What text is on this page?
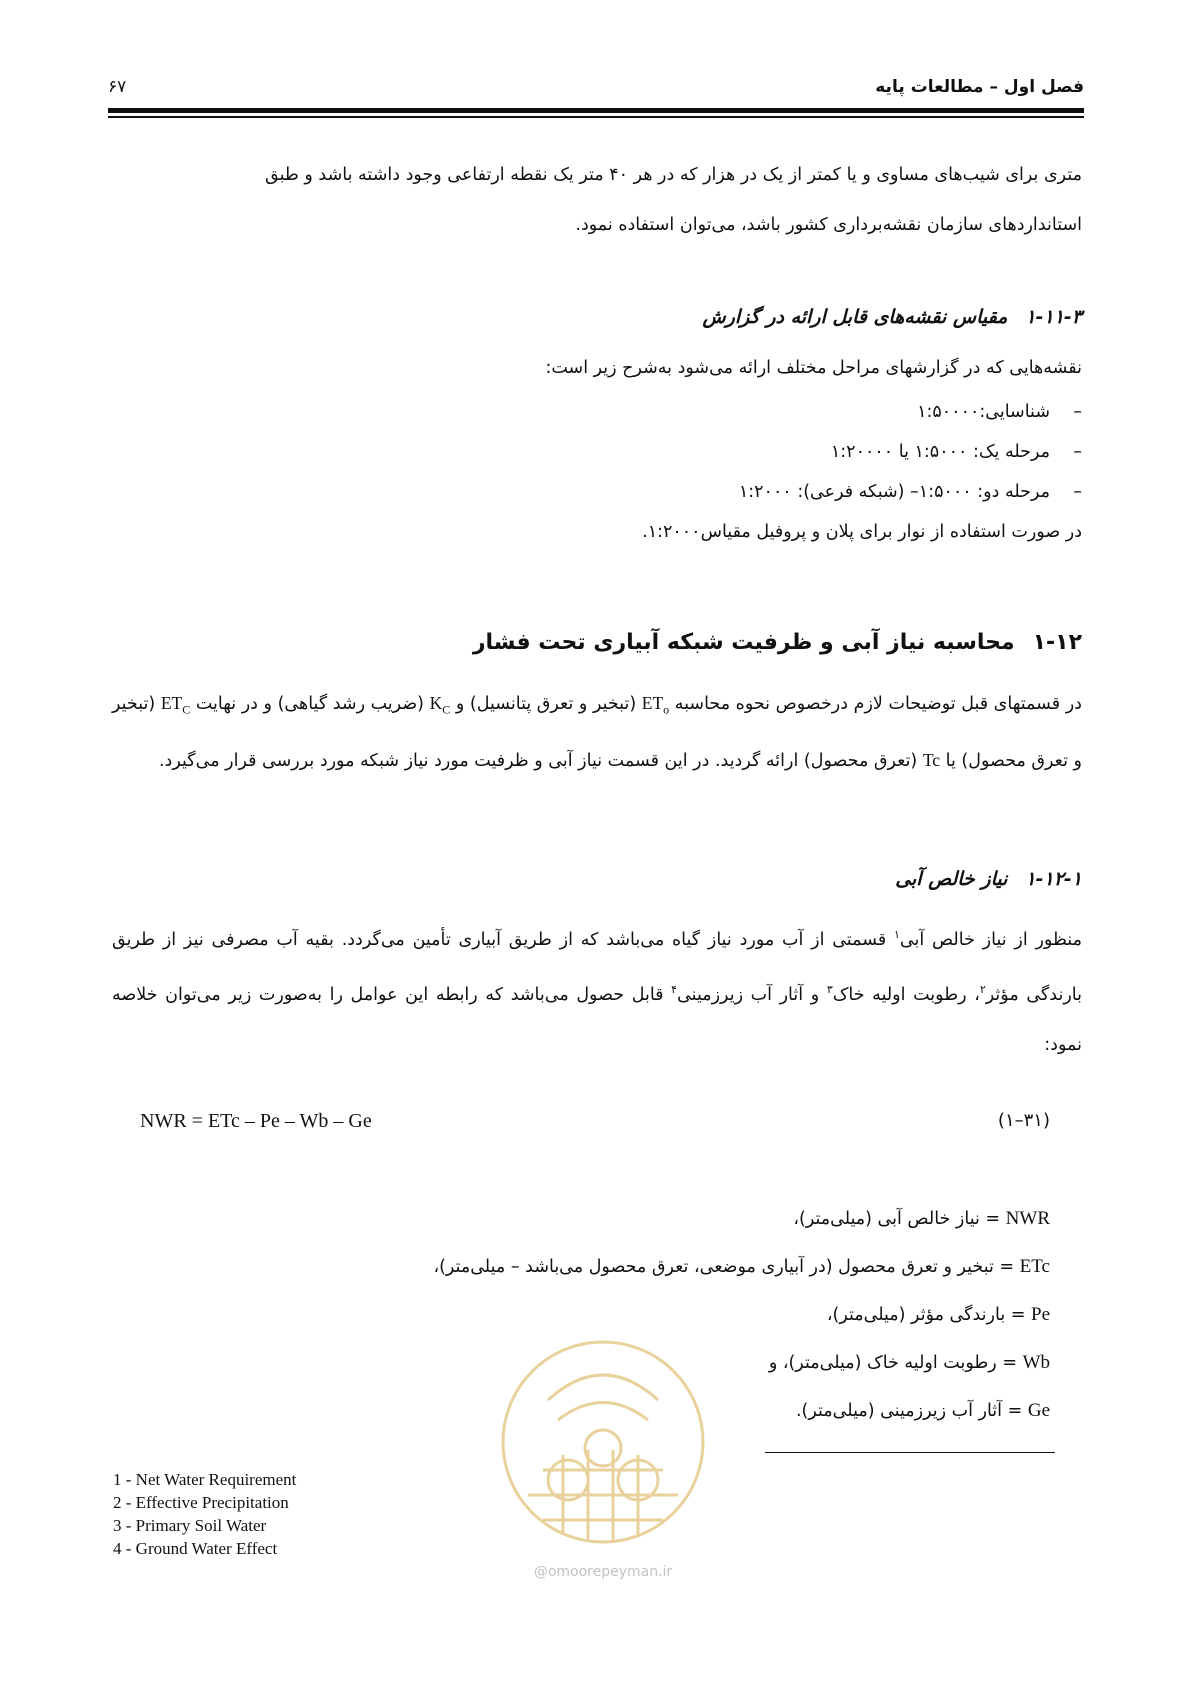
۶۷	فصل اول – مطالعات پایه
متری برای شیب‌های مساوی و یا کمتر از یک در هزار که در هر ۴۰ متر یک نقطه ارتفاعی وجود داشته باشد و طبق
استانداردهای سازمان نقشه‌برداری کشور باشد، می‌توان استفاده نمود.
۱-۱۱-۳مقیاس نقشه‌های قابل ارائه در گزارش
نقشه‌هایی که در گزارشهای مراحل مختلف ارائه می‌شود به‌شرح زیر است:
–
شناسایی:۱:۵۰۰۰۰
–
مرحله یک: ۱:۵۰۰۰ یا ۱:۲۰۰۰۰
–
مرحله دو: ۱:۵۰۰۰– (شبکه فرعی): ۱:۲۰۰۰
در صورت استفاده از نوار برای پلان و پروفیل مقیاس۱:۲۰۰۰.
۱-۱۲محاسبه نیاز آبی و ظرفیت شبکه آبیاری تحت فشار
در قسمتهای قبل توضیحات لازم درخصوص نحوه محاسبه $ET_o$ (تبخیر و تعرق پتانسیل) و $K_C$ (ضریب رشد گیاهی) و در نهایت $ET_C$ (تبخیر و تعرق محصول) یا Tc (تعرق محصول) ارائه گردید. در این قسمت نیاز آبی و ظرفیت مورد نیاز شبکه مورد بررسی قرار می‌گیرد.
۱-۱۲-۱نیاز خالص آبی
منظور از نیاز خالص آبی$^۱$ قسمتی از آب مورد نیاز گیاه می‌باشد که از طریق آبیاری تأمین می‌گردد. بقیه آب مصرفی نیز از طریق بارندگی مؤثر$^۲$، رطوبت اولیه خاک$^۳$ و آثار آب زیرزمینی$^۴$ قابل حصول می‌باشد که رابطه این عوامل را به‌صورت زیر می‌توان خلاصه نمود:
NWR = ETc – Pe – Wb – Ge	(۳۱–۱)
NWR = نیاز خالص آبی (میلی‌متر)،
ETc = تبخیر و تعرق محصول (در آبیاری موضعی، تعرق محصول می‌باشد – میلی‌متر)،
Pe = بارندگی مؤثر (میلی‌متر)،
Wb = رطوبت اولیه خاک (میلی‌متر)، و
Ge = آثار آب زیرزمینی (میلی‌متر).
@omoorepeyman.ir
1 - Net Water Requirement
2 - Effective Precipitation
3 - Primary Soil Water
4 - Ground Water Effect
